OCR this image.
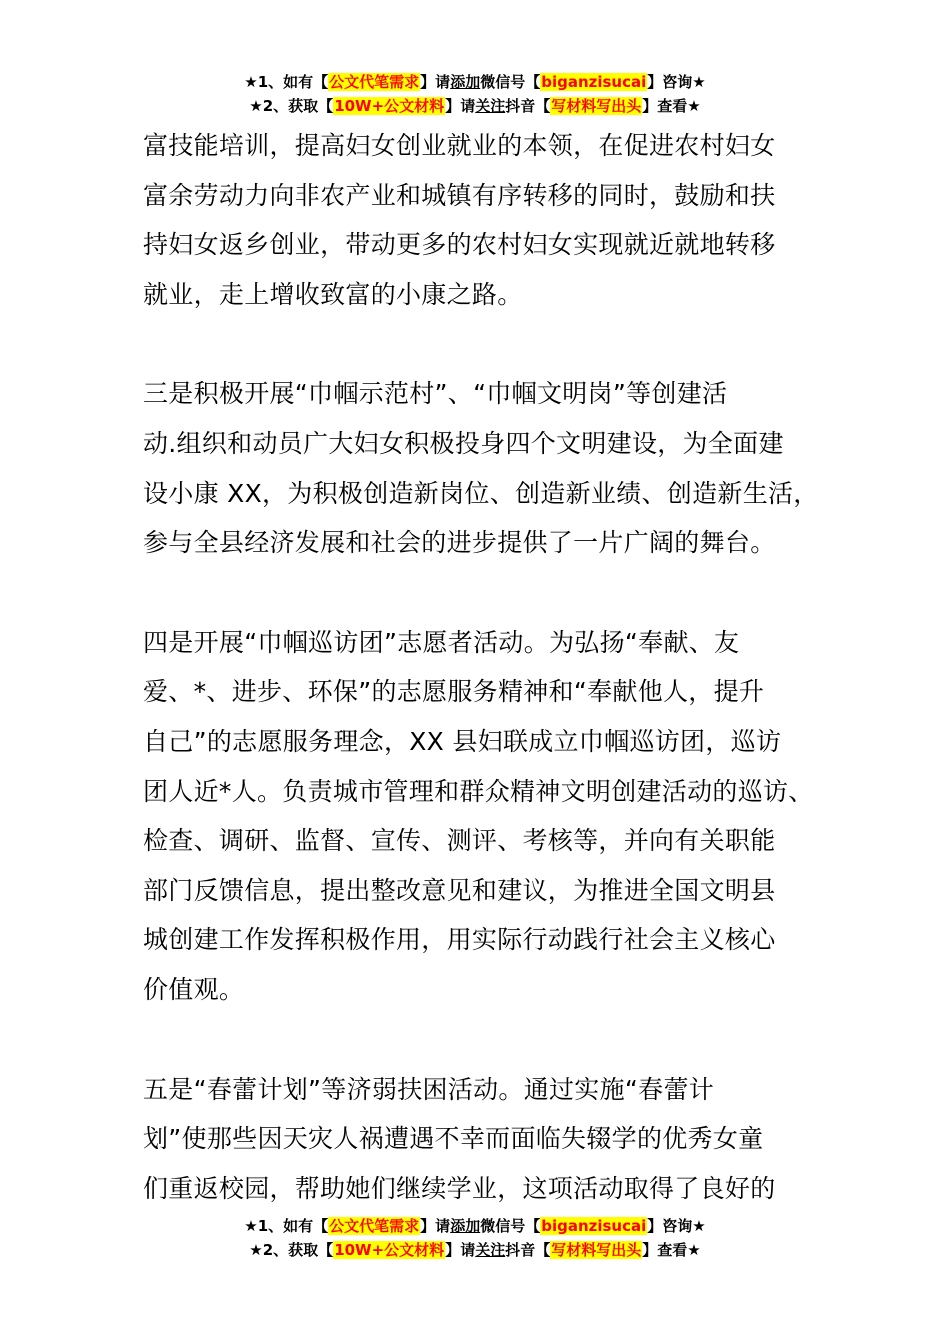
★1、如有【公文代笔需求】请添加微信号【biganzisucai】咨询★
★2、获取【10W+公文材料】请关注抖音【写材料写出头】查看★
富技能培训，提高妇女创业就业的本领，在促进农村妇女
富余劳动力向非农产业和城镇有序转移的同时，鼓励和扶
持妇女返乡创业，带动更多的农村妇女实现就近就地转移
就业，走上增收致富的小康之路。
三是积极开展“巾帼示范村”、“巾帼文明岗”等创建活
动.组织和动员广大妇女积极投身四个文明建设，为全面建
设小康 XX，为积极创造新岗位、创造新业绩、创造新生活，
参与全县经济发展和社会的进步提供了一片广阔的舞台。
四是开展“巾帼巡访团”志愿者活动。为弘扬“奉献、友
爱、*、进步、环保”的志愿服务精神和“奉献他人，提升
自己”的志愿服务理念，XX 县妇联成立巾帼巡访团，巡访
团人近*人。负责城市管理和群众精神文明创建活动的巡访、
检查、调研、监督、宣传、测评、考核等，并向有关职能
部门反馈信息，提出整改意见和建议，为推进全国文明县
城创建工作发挥积极作用，用实际行动践行社会主义核心
价值观。
五是“春蕾计划”等济弱扶困活动。通过实施“春蕾计
划”使那些因天灾人祸遭遇不幸而面临失辍学的优秀女童
们重返校园，帮助她们继续学业，这项活动取得了良好的
★1、如有【公文代笔需求】请添加微信号【biganzisucai】咨询★
★2、获取【10W+公文材料】请关注抖音【写材料写出头】查看★
